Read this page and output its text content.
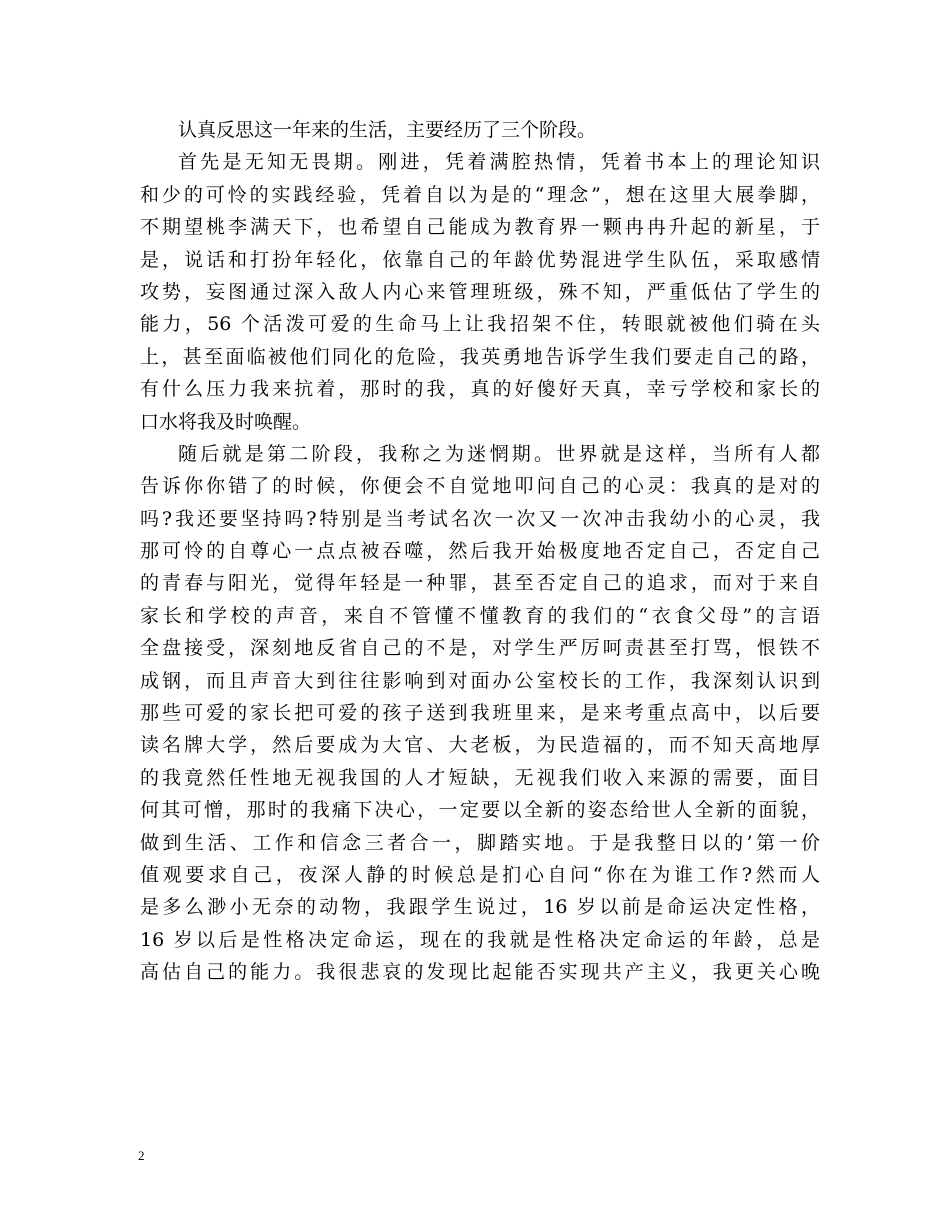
认真反思这一年来的生活，主要经历了三个阶段。
首先是无知无畏期。刚进，凭着满腔热情，凭着书本上的理论知识
和少的可怜的实践经验，凭着自以为是的“理念”，想在这里大展拳脚，
不期望桃李满天下，也希望自己能成为教育界一颗冉冉升起的新星，于
是，说话和打扮年轻化，依靠自己的年龄优势混进学生队伍，采取感情
攻势，妄图通过深入敌人内心来管理班级，殊不知，严重低估了学生的
能力，56 个活泼可爱的生命马上让我招架不住，转眼就被他们骑在头
上，甚至面临被他们同化的危险，我英勇地告诉学生我们要走自己的路，
有什么压力我来抗着，那时的我，真的好傻好天真，幸亏学校和家长的
口水将我及时唤醒。
随后就是第二阶段，我称之为迷惘期。世界就是这样，当所有人都
告诉你你错了的时候，你便会不自觉地叩问自己的心灵：我真的是对的
吗?我还要坚持吗?特别是当考试名次一次又一次冲击我幼小的心灵，我
那可怜的自尊心一点点被吞噬，然后我开始极度地否定自己，否定自己
的青春与阳光，觉得年轻是一种罪，甚至否定自己的追求，而对于来自
家长和学校的声音，来自不管懂不懂教育的我们的“衣食父母”的言语
全盘接受，深刻地反省自己的不是，对学生严厉呵责甚至打骂，恨铁不
成钢，而且声音大到往往影响到对面办公室校长的工作，我深刻认识到
那些可爱的家长把可爱的孩子送到我班里来，是来考重点高中，以后要
读名牌大学，然后要成为大官、大老板，为民造福的，而不知天高地厚
的我竟然任性地无视我国的人才短缺，无视我们收入来源的需要，面目
何其可憎，那时的我痛下决心，一定要以全新的姿态给世人全新的面貌，
做到生活、工作和信念三者合一，脚踏实地。于是我整日以的’第一价
值观要求自己，夜深人静的时候总是扪心自问“你在为谁工作?然而人
是多么渺小无奈的动物，我跟学生说过，16 岁以前是命运决定性格，
16 岁以后是性格决定命运，现在的我就是性格决定命运的年龄，总是
高估自己的能力。我很悲哀的发现比起能否实现共产主义，我更关心晚
2
